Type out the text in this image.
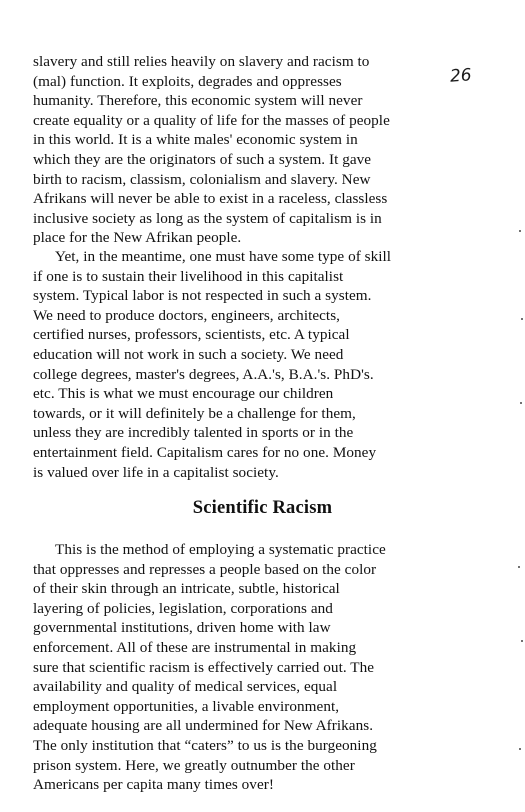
26
slavery and still relies heavily on slavery and racism to
(mal) function. It exploits, degrades and oppresses
humanity. Therefore, this economic system will never
create equality or a quality of life for the masses of people
in this world. It is a white males' economic system in
which they are the originators of such a system. It gave
birth to racism, classism, colonialism and slavery. New
Afrikans will never be able to exist in a raceless, classless
inclusive society as long as the system of capitalism is in
place for the New Afrikan people.
Yet, in the meantime, one must have some type of skill
if one is to sustain their livelihood in this capitalist
system. Typical labor is not respected in such a system.
We need to produce doctors, engineers, architects,
certified nurses, professors, scientists, etc. A typical
education will not work in such a society. We need
college degrees, master's degrees, A.A.'s, B.A.'s. PhD's.
etc. This is what we must encourage our children
towards, or it will definitely be a challenge for them,
unless they are incredibly talented in sports or in the
entertainment field. Capitalism cares for no one. Money
is valued over life in a capitalist society.
Scientific Racism
This is the method of employing a systematic practice
that oppresses and represses a people based on the color
of their skin through an intricate, subtle, historical
layering of policies, legislation, corporations and
governmental institutions, driven home with law
enforcement. All of these are instrumental in making
sure that scientific racism is effectively carried out. The
availability and quality of medical services, equal
employment opportunities, a livable environment,
adequate housing are all undermined for New Afrikans.
The only institution that “caters” to us is the burgeoning
prison system. Here, we greatly outnumber the other
Americans per capita many times over!
